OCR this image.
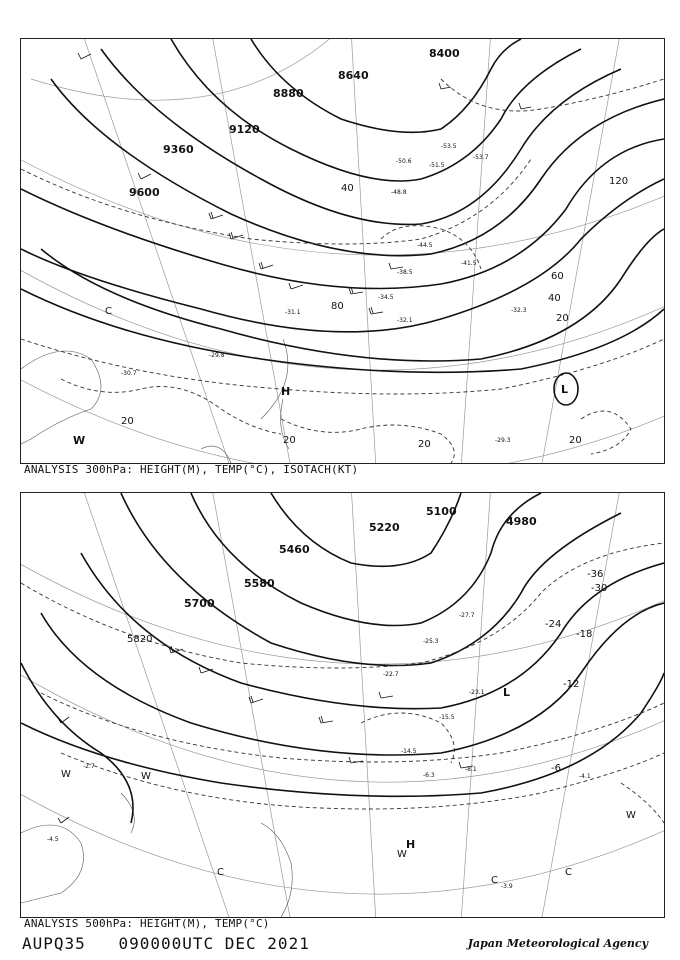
8640
8880
9120
9360
9600
8400
20
20	20
20
20
40
40
60
80
120
-29.8
-30.7
-31.1
-32.1
-32.3
-34.5
-38.5
-41.5
-44.5
-48.8
-50.6
-51.5
-53.5
-53.7
-29.3
H	L
C
W
ANALYSIS 300hPa: HEIGHT(M), TEMP(°C), ISOTACH(KT)
5100
5220
5460
5580
5700
5820
4980
-36
-30
-24
-18
-12
-6
-22.7
-27.7
-25.3
-23.1
-15.5
-14.5
-8.1
-4.1
-6.3
-3.9
-2.7
-4.5	H
L
W
W
W
W
C
C
C
ANALYSIS 500hPa: HEIGHT(M), TEMP(°C)
AUPQ35 090000UTC DEC 2021	Japan Meteorological Agency
